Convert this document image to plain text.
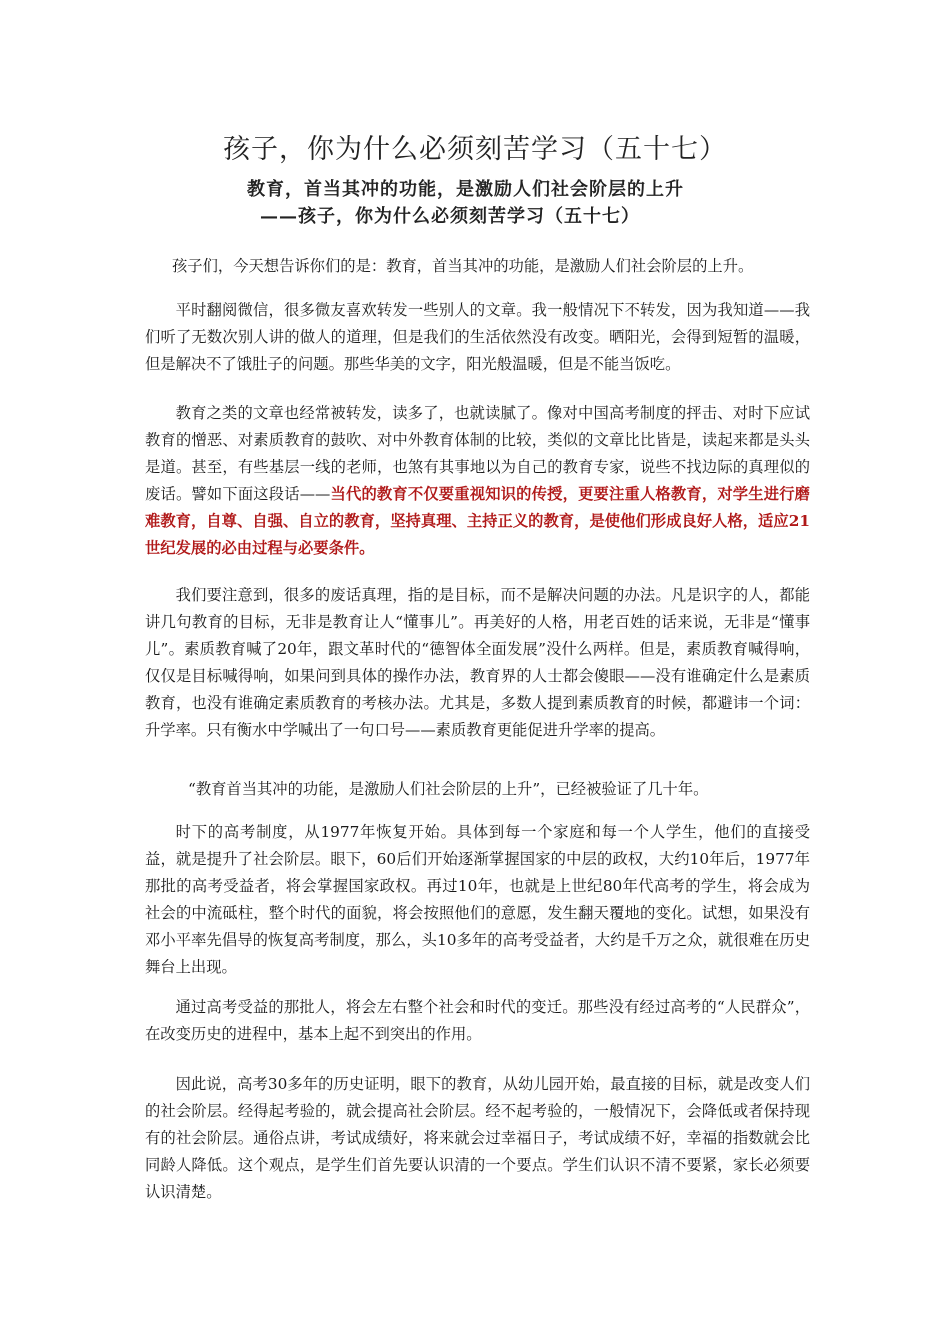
孩子，你为什么必须刻苦学习（五十七）
教育，首当其冲的功能，是激励人们社会阶层的上升
——孩子，你为什么必须刻苦学习（五十七）

孩子们，今天想告诉你们的是：教育，首当其冲的功能，是激励人们社会阶层的上升。

平时翻阅微信，很多微友喜欢转发一些别人的文章。我一般情况下不转发，因为我知道——我们听了无数次别人讲的做人的道理，但是我们的生活依然没有改变。晒阳光，会得到短暂的温暖，但是解决不了饿肚子的问题。那些华美的文字，阳光般温暖，但是不能当饭吃。

教育之类的文章也经常被转发，读多了，也就读腻了。像对中国高考制度的抨击、对时下应试教育的憎恶、对素质教育的鼓吹、对中外教育体制的比较，类似的文章比比皆是，读起来都是头头是道。甚至，有些基层一线的老师，也煞有其事地以为自己的教育专家，说些不找边际的真理似的废话。譬如下面这段话——当代的教育不仅要重视知识的传授，更要注重人格教育，对学生进行磨难教育，自尊、自强、自立的教育，坚持真理、主持正义的教育，是使他们形成良好人格，适应21世纪发展的必由过程与必要条件。

我们要注意到，很多的废话真理，指的是目标，而不是解决问题的办法。凡是识字的人，都能讲几句教育的目标，无非是教育让人“懂事儿”。再美好的人格，用老百姓的话来说，无非是“懂事儿”。素质教育喊了20年，跟文革时代的“德智体全面发展”没什么两样。但是，素质教育喊得响，仅仅是目标喊得响，如果问到具体的操作办法，教育界的人士都会傻眼——没有谁确定什么是素质教育，也没有谁确定素质教育的考核办法。尤其是，多数人提到素质教育的时候，都避讳一个词：升学率。只有衡水中学喊出了一句口号——素质教育更能促进升学率的提高。

“教育首当其冲的功能，是激励人们社会阶层的上升”，已经被验证了几十年。

时下的高考制度，从1977年恢复开始。具体到每一个家庭和每一个人学生，他们的直接受益，就是提升了社会阶层。眼下，60后们开始逐渐掌握国家的中层的政权，大约10年后，1977年那批的高考受益者，将会掌握国家政权。再过10年，也就是上世纪80年代高考的学生，将会成为社会的中流砥柱，整个时代的面貌，将会按照他们的意愿，发生翻天覆地的变化。试想，如果没有邓小平率先倡导的恢复高考制度，那么，头10多年的高考受益者，大约是千万之众，就很难在历史舞台上出现。

通过高考受益的那批人，将会左右整个社会和时代的变迁。那些没有经过高考的“人民群众”，在改变历史的进程中，基本上起不到突出的作用。

因此说，高考30多年的历史证明，眼下的教育，从幼儿园开始，最直接的目标，就是改变人们的社会阶层。经得起考验的，就会提高社会阶层。经不起考验的，一般情况下，会降低或者保持现有的社会阶层。通俗点讲，考试成绩好，将来就会过幸福日子，考试成绩不好，幸福的指数就会比同龄人降低。这个观点，是学生们首先要认识清的一个要点。学生们认识不清不要紧，家长必须要认识清楚。
